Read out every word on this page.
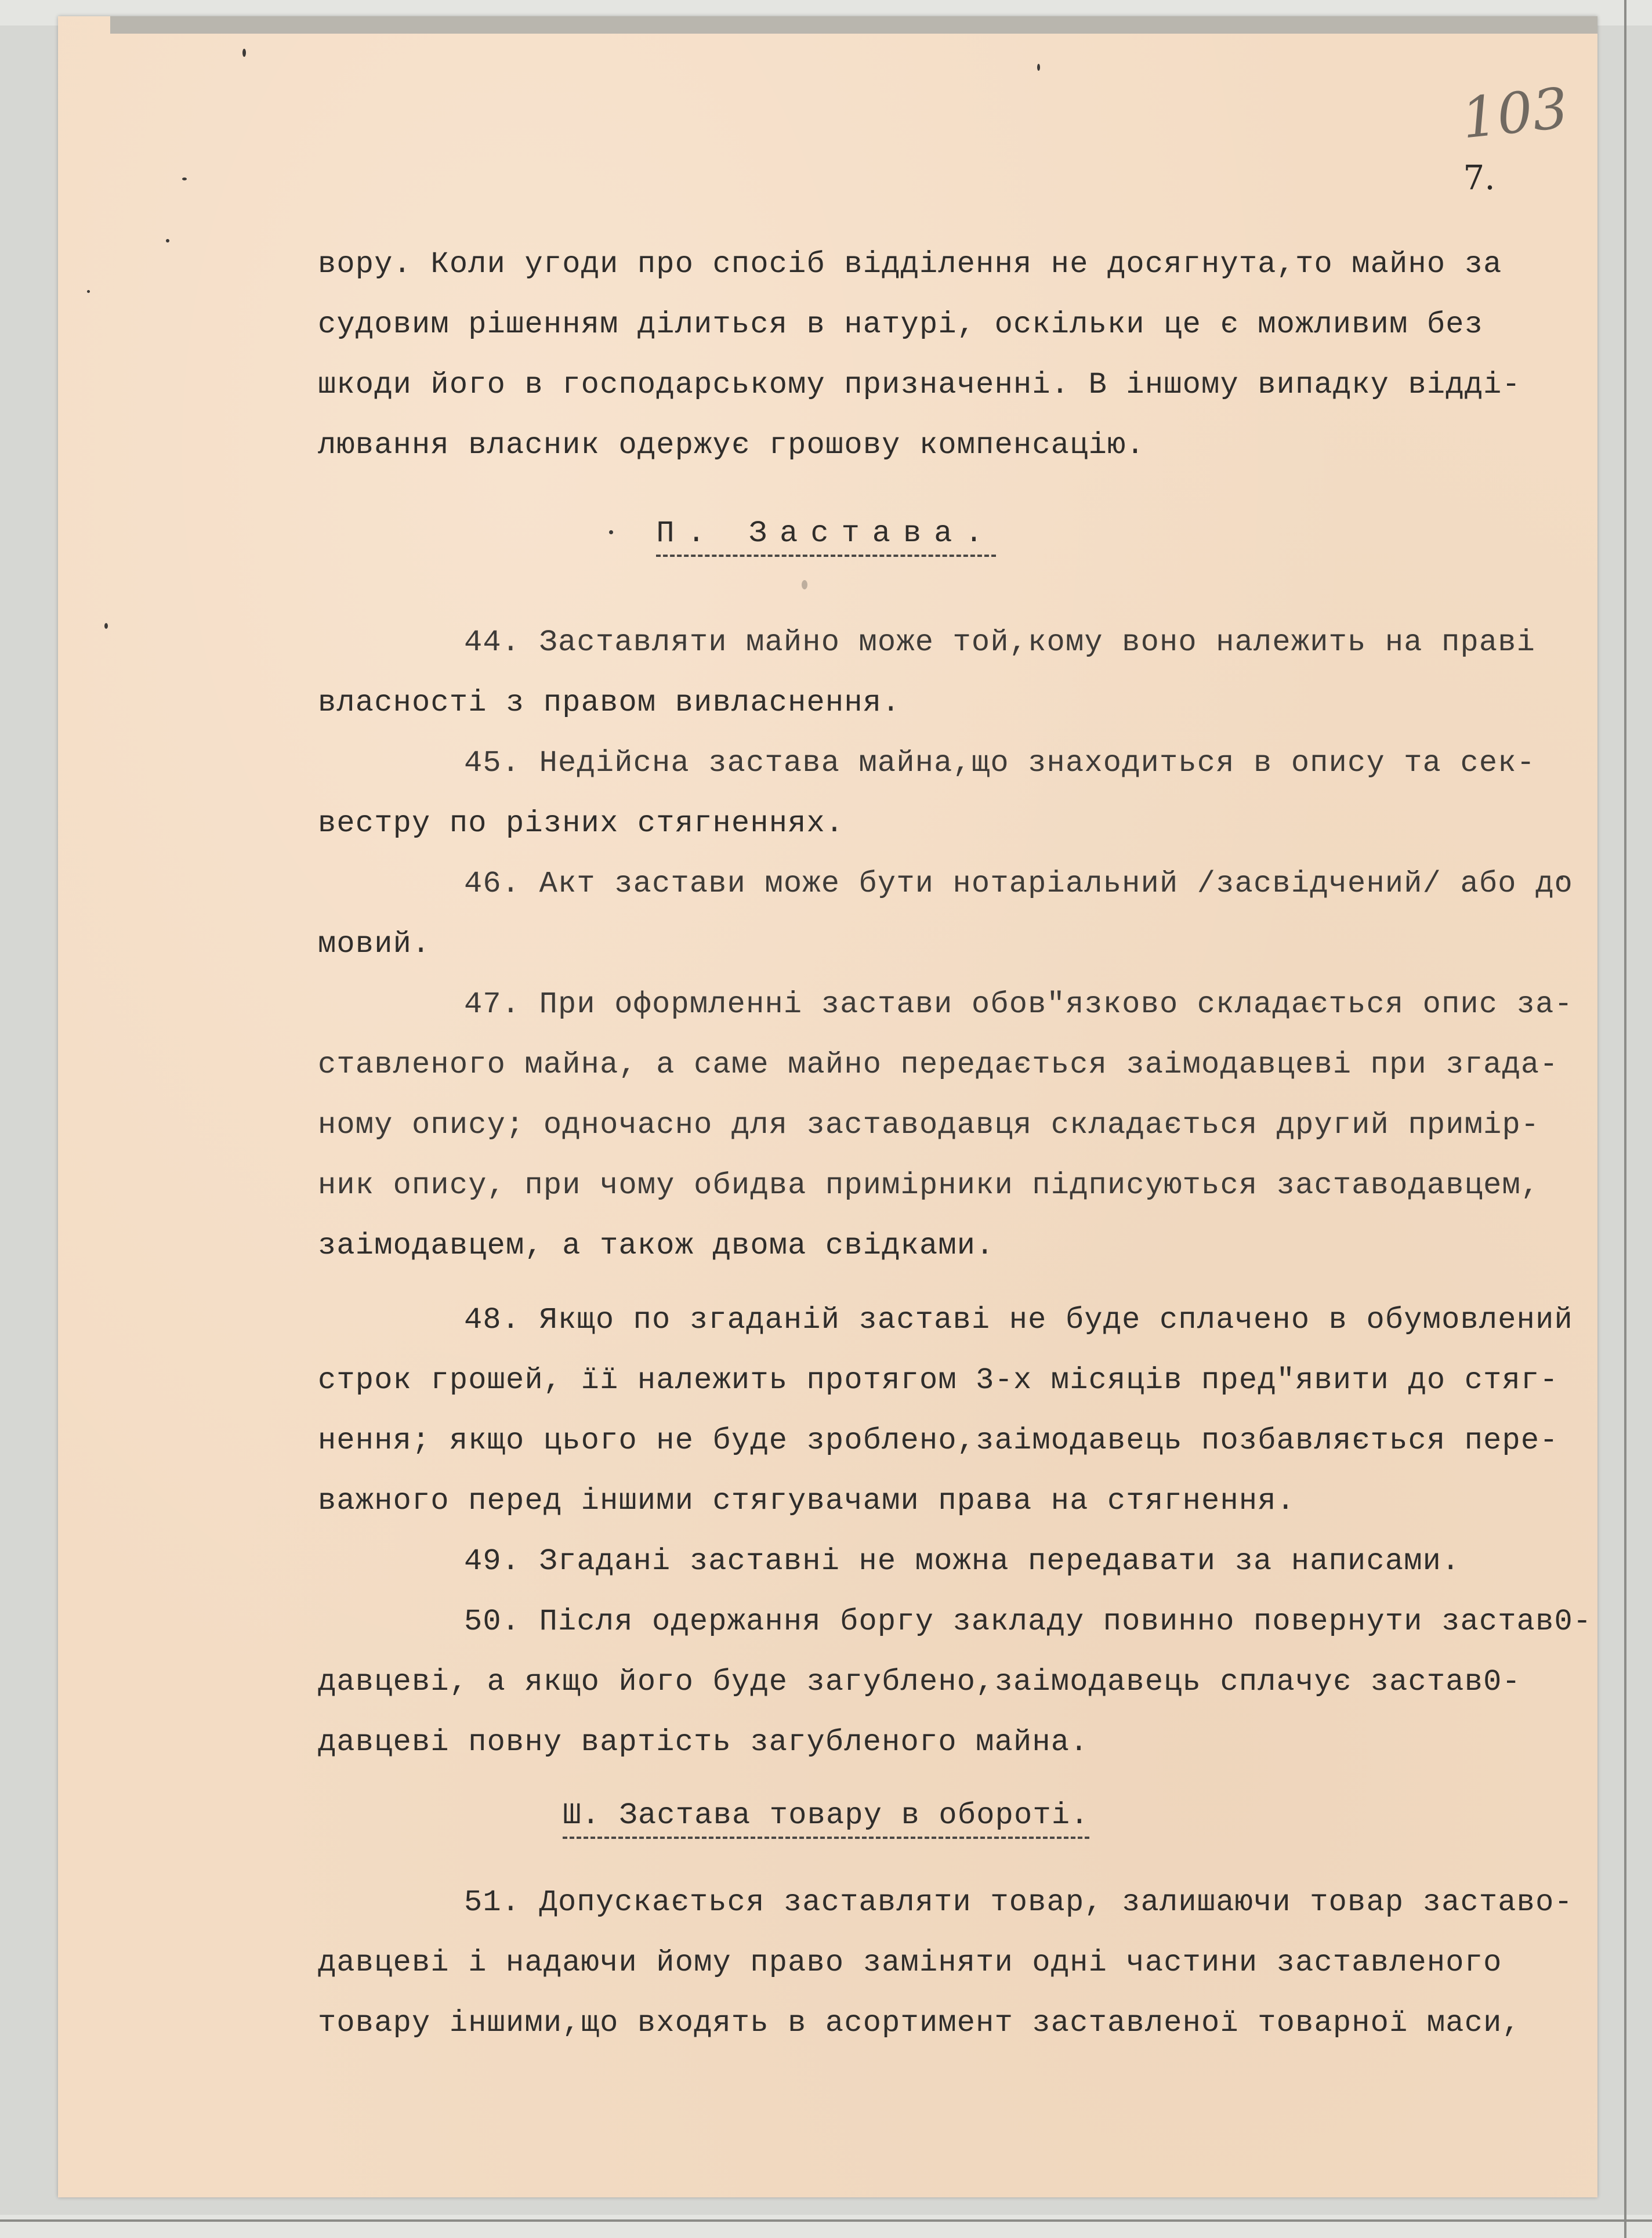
103
7.
вору. Коли угоди про спосіб відділення не досягнута,то майно за
судовим рішенням ділиться в натурі, оскільки це є можливим без
шкоди його в господарському призначенні. В іншому випадку відді-
лювання власник одержує грошову компенсацію.
П. Застава.
44. Заставляти майно може той,кому воно належить на праві
власності з правом вивласнення.
45. Недійсна застава майна,що знаходиться в опису та сек-
вестру по різних стягненнях.
46. Акт застави може бути нотаріальний /засвідчений/ або до
мовий.
47. При оформленні застави обов"язково складається опис за-
ставленого майна, а саме майно передається заімодавцеві при згада-
ному опису; одночасно для заставодавця складається другий примір-
ник опису, при чому обидва примірники підписуються заставодавцем,
заімодавцем, а також двома свідками.
48. Якщо по згаданій заставі не буде сплачено в обумовлений
строк грошей, її належить протягом 3-х місяців пред"явити до стяг-
нення; якщо цього не буде зроблено,заімодавець позбавляється пере-
важного перед іншими стягувачами права на стягнення.
49. Згадані заставні не можна передавати за написами.
50. Після одержання боргу закладу повинно повернути застав0-
давцеві, а якщо його буде загублено,заімодавець сплачує застав0-
давцеві повну вартість загубленого майна.
Ш. Застава товару в обороті.
51. Допускається заставляти товар, залишаючи товар заставо-
давцеві і надаючи йому право заміняти одні частини заставленого
товару іншими,що входять в асортимент заставленої товарної маси,
